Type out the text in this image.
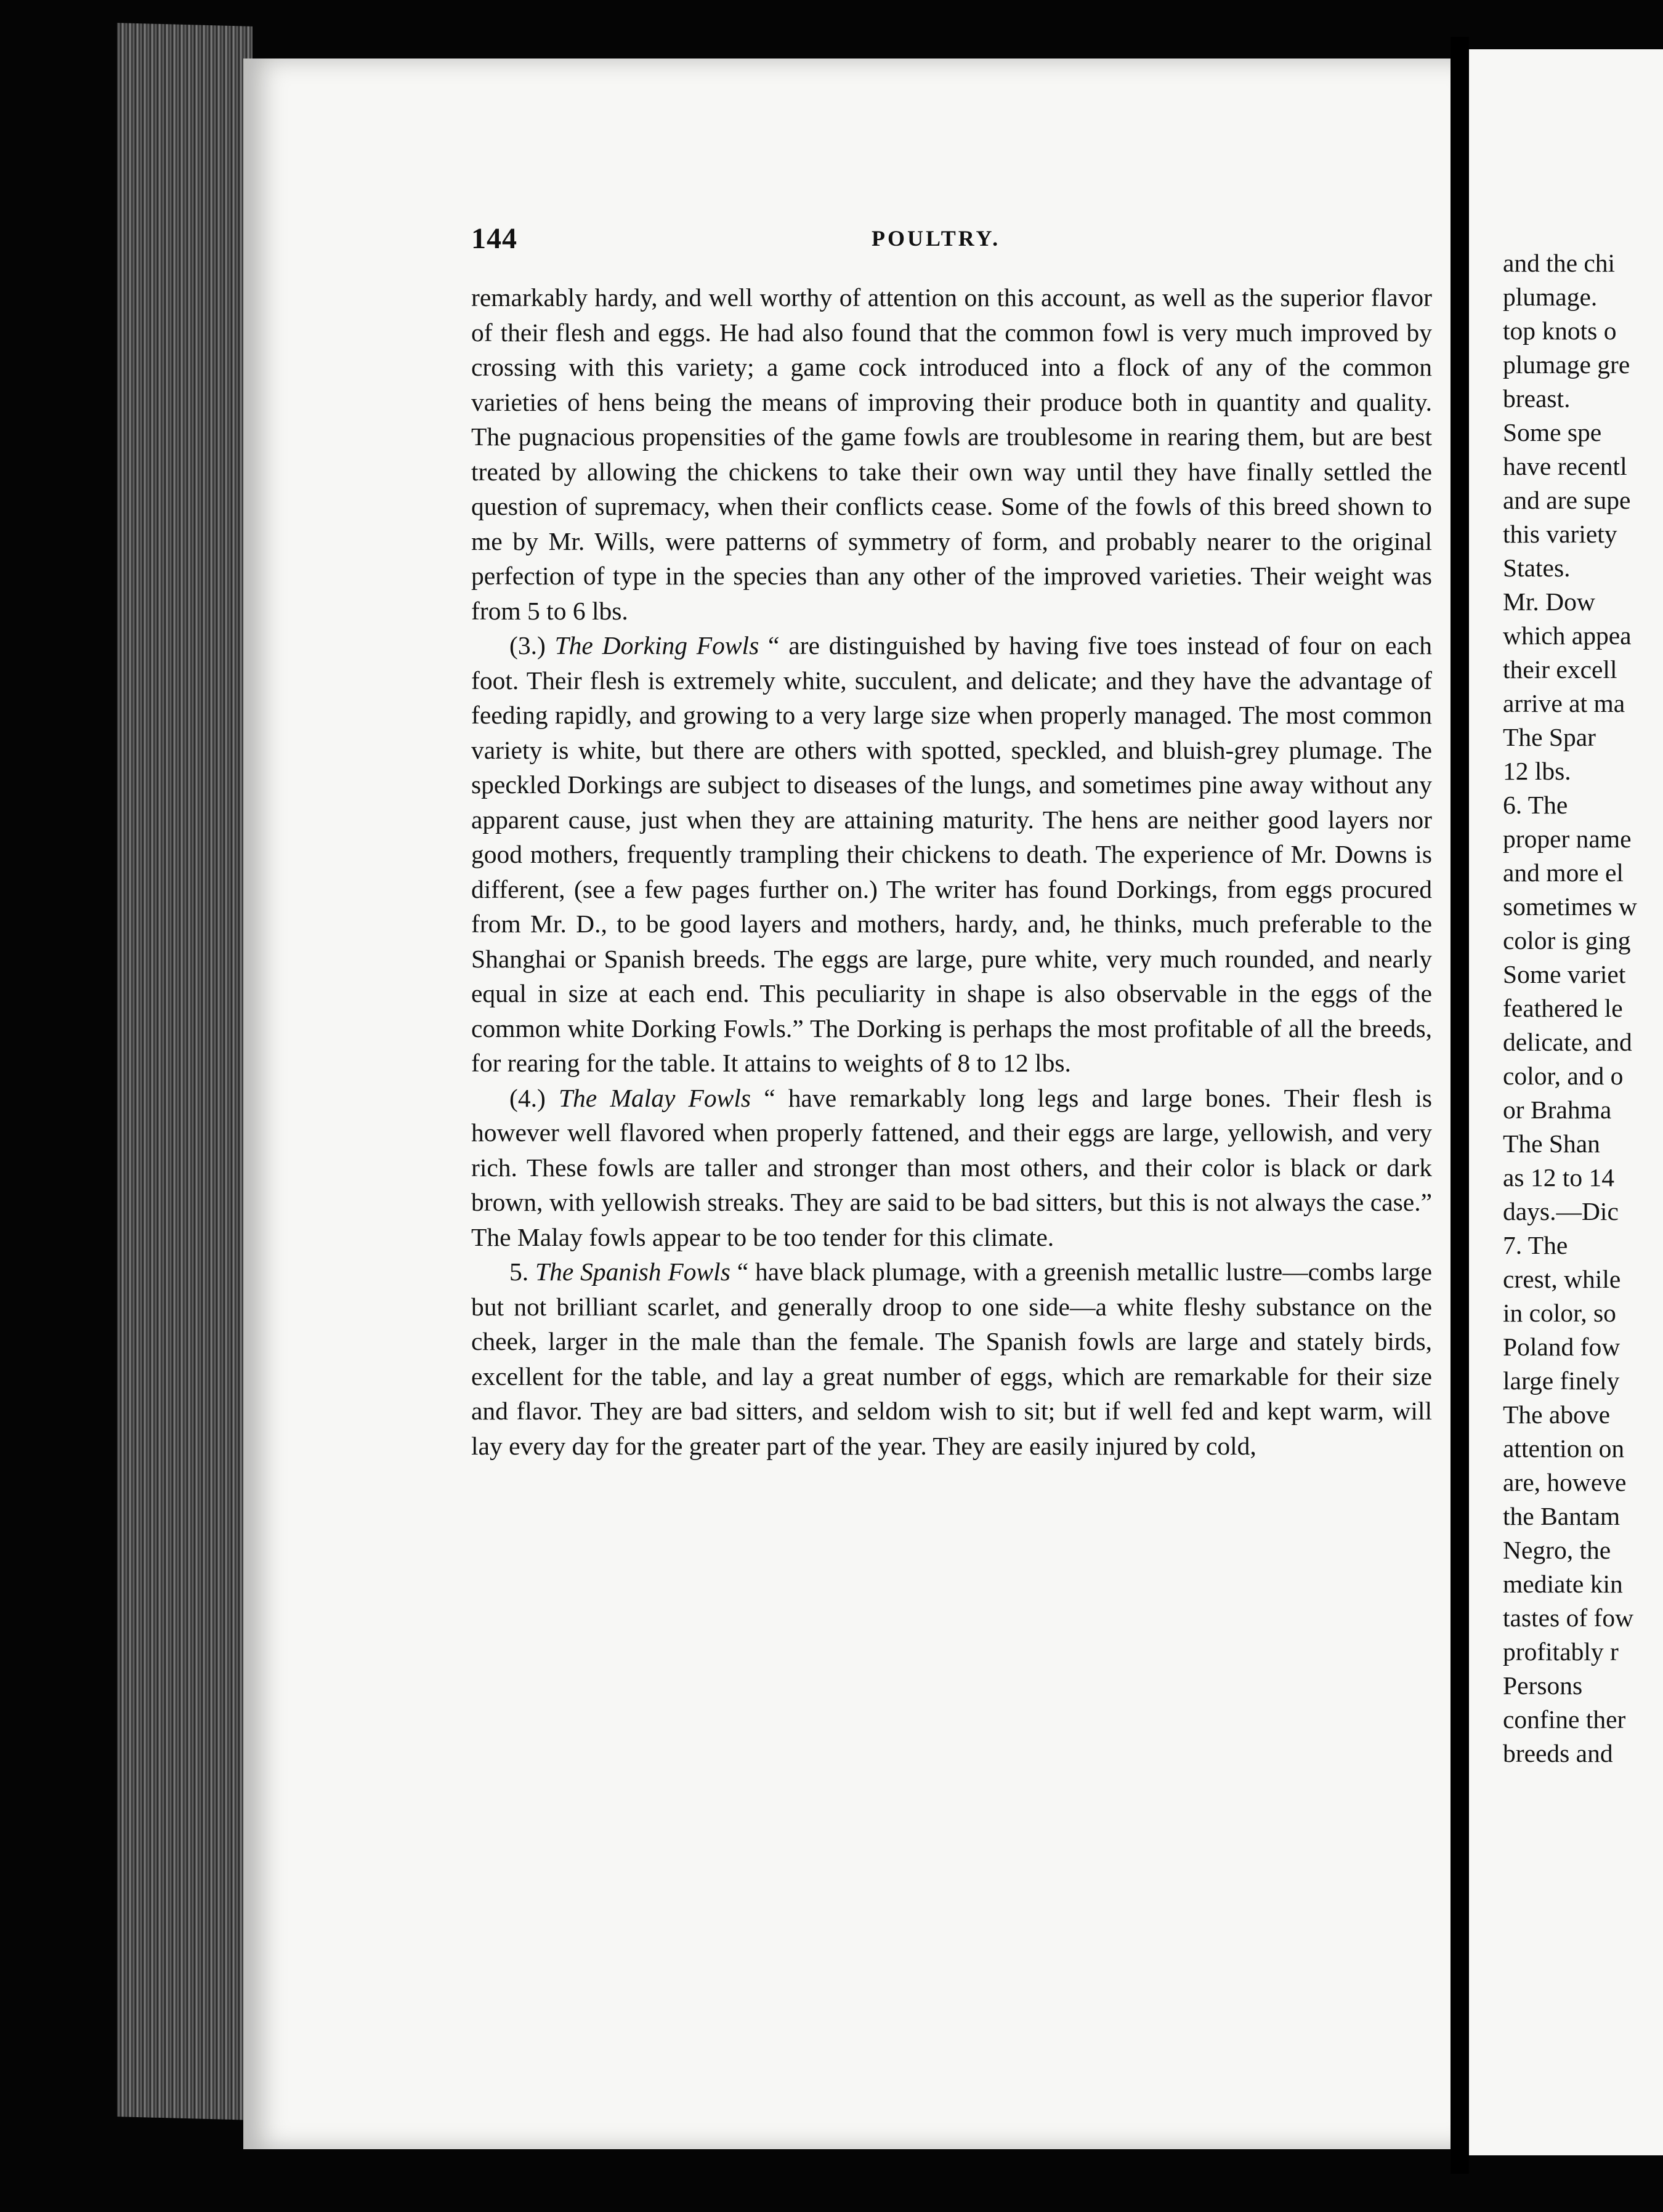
and the chi
plumage.
top knots o
plumage gre
breast.
Some spe
have recentl
and are supe
this variety
States.
Mr. Dow
which appea
their excell
arrive at ma
The Spar
12 lbs.
6. The
proper name
and more el
sometimes w
color is ging
Some variet
feathered le
delicate, and
color, and o
or Brahma
The Shan
as 12 to 14
days.—Dic
7. The
crest, while
in color, so
Poland fow
large finely
The above
attention on
are, howeve
the Bantam
Negro, the
mediate kin
tastes of fow
profitably r
Persons
confine ther
breeds and
144	POULTRY.

remarkably hardy, and well worthy of attention on this account, as well as the superior flavor of their flesh and eggs. He had also found that the common fowl is very much improved by crossing with this variety; a game cock introduced into a flock of any of the common varieties of hens being the means of improving their produce both in quantity and quality. The pugnacious propensities of the game fowls are troublesome in rearing them, but are best treated by allowing the chickens to take their own way until they have finally settled the question of supremacy, when their conflicts cease. Some of the fowls of this breed shown to me by Mr. Wills, were patterns of symmetry of form, and probably nearer to the original perfection of type in the species than any other of the improved varieties. Their weight was from 5 to 6 lbs.

(3.) The Dorking Fowls “ are distinguished by having five toes instead of four on each foot. Their flesh is extremely white, succulent, and delicate; and they have the advantage of feeding rapidly, and growing to a very large size when properly managed. The most common variety is white, but there are others with spotted, speckled, and bluish-grey plumage. The speckled Dorkings are subject to diseases of the lungs, and sometimes pine away without any apparent cause, just when they are attaining maturity. The hens are neither good layers nor good mothers, frequently trampling their chickens to death. The experience of Mr. Downs is different, (see a few pages further on.) The writer has found Dorkings, from eggs procured from Mr. D., to be good layers and mothers, hardy, and, he thinks, much preferable to the Shanghai or Spanish breeds. The eggs are large, pure white, very much rounded, and nearly equal in size at each end. This peculiarity in shape is also observable in the eggs of the common white Dorking Fowls.” The Dorking is perhaps the most profitable of all the breeds, for rearing for the table. It attains to weights of 8 to 12 lbs.

(4.) The Malay Fowls “ have remarkably long legs and large bones. Their flesh is however well flavored when properly fattened, and their eggs are large, yellowish, and very rich. These fowls are taller and stronger than most others, and their color is black or dark brown, with yellowish streaks. They are said to be bad sitters, but this is not always the case.” The Malay fowls appear to be too tender for this climate.

5. The Spanish Fowls “ have black plumage, with a greenish metallic lustre—combs large but not brilliant scarlet, and generally droop to one side—a white fleshy substance on the cheek, larger in the male than the female. The Spanish fowls are large and stately birds, excellent for the table, and lay a great number of eggs, which are remarkable for their size and flavor. They are bad sitters, and seldom wish to sit; but if well fed and kept warm, will lay every day for the greater part of the year. They are easily injured by cold,
